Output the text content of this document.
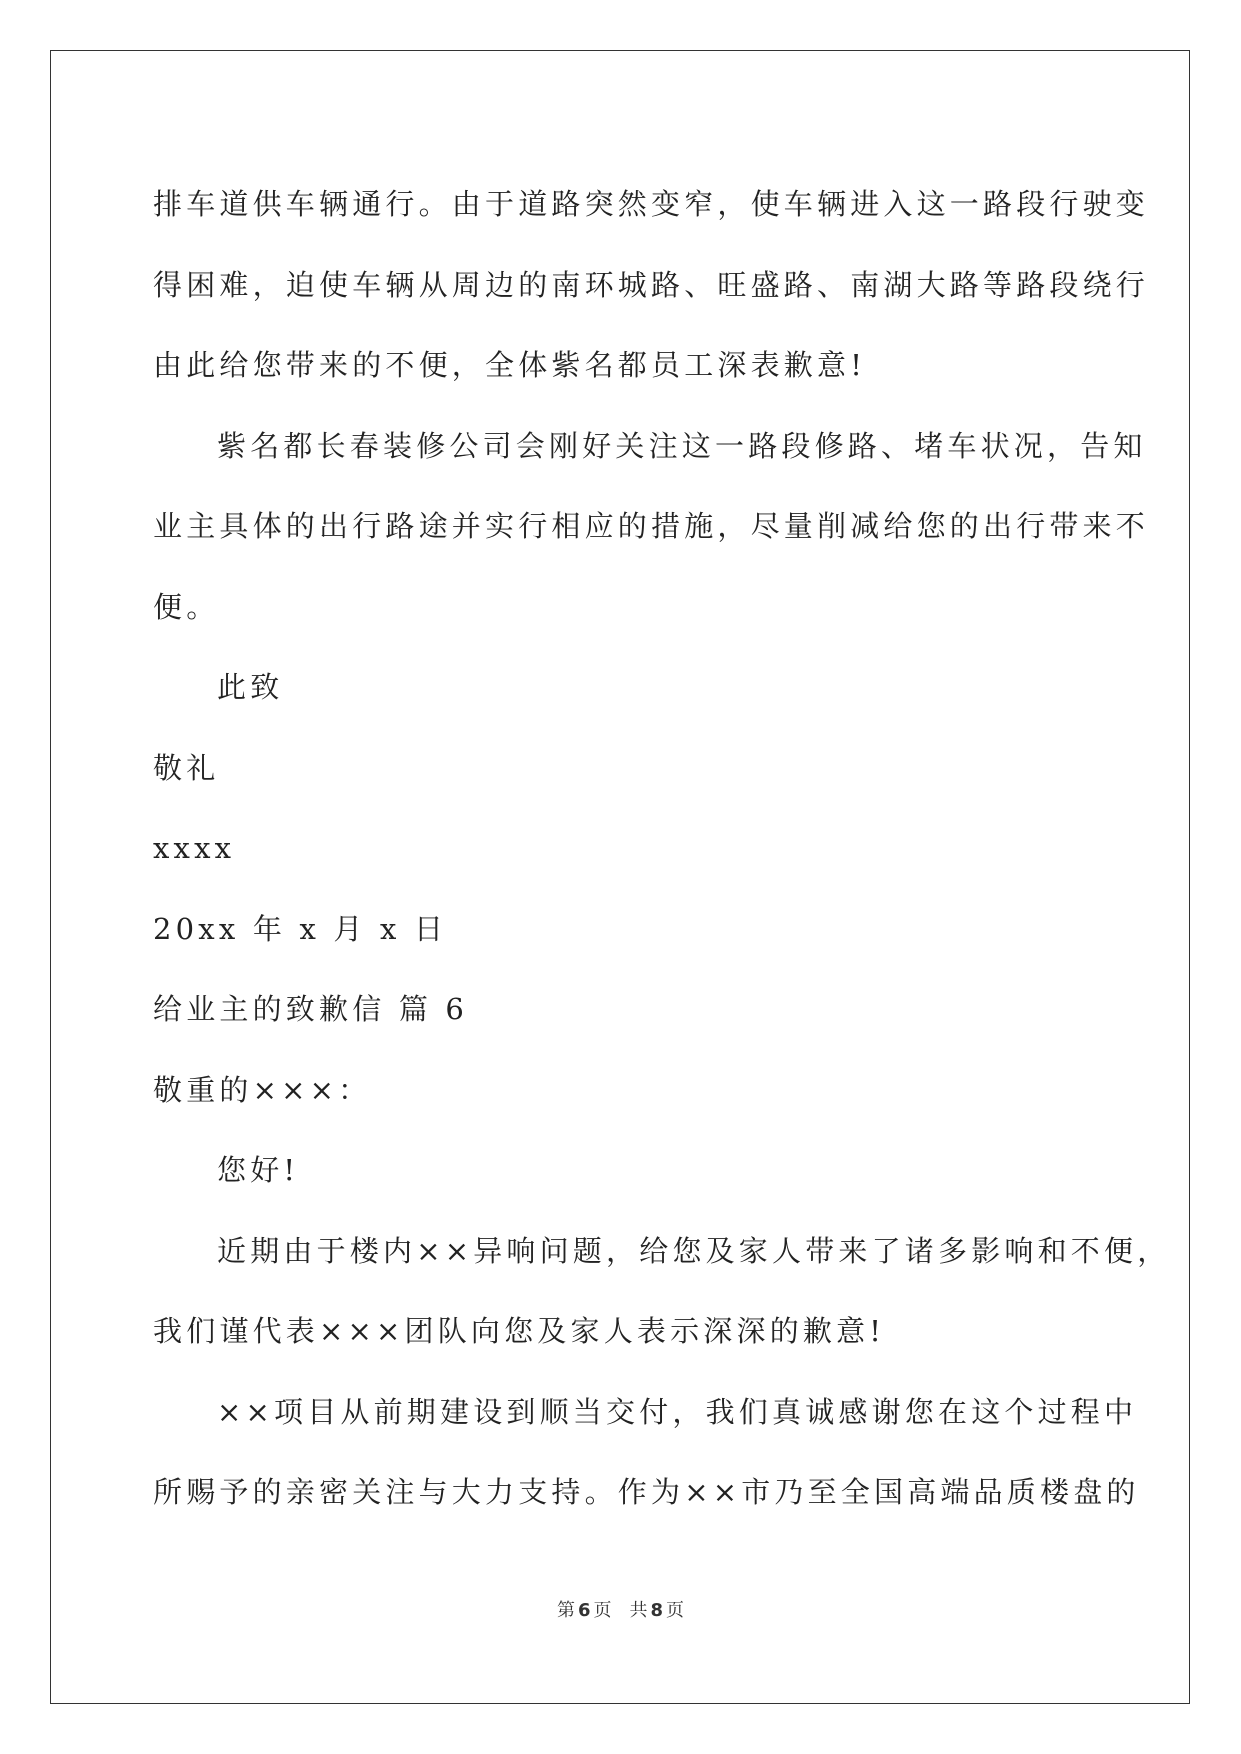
排车道供车辆通行。由于道路突然变窄，使车辆进入这一路段行驶变

得困难，迫使车辆从周边的南环城路、旺盛路、南湖大路等路段绕行

由此给您带来的不便，全体紫名都员工深表歉意!

紫名都长春装修公司会刚好关注这一路段修路、堵车状况，告知

业主具体的出行路途并实行相应的措施，尽量削减给您的出行带来不

便。

此致

敬礼

xxxx

20xx 年 x 月 x 日

给业主的致歉信 篇 6

敬重的×××：

您好!

近期由于楼内××异响问题，给您及家人带来了诸多影响和不便，

我们谨代表×××团队向您及家人表示深深的歉意!

××项目从前期建设到顺当交付，我们真诚感谢您在这个过程中

所赐予的亲密关注与大力支持。作为××市乃至全国高端品质楼盘的

第 6 页　共 8 页
